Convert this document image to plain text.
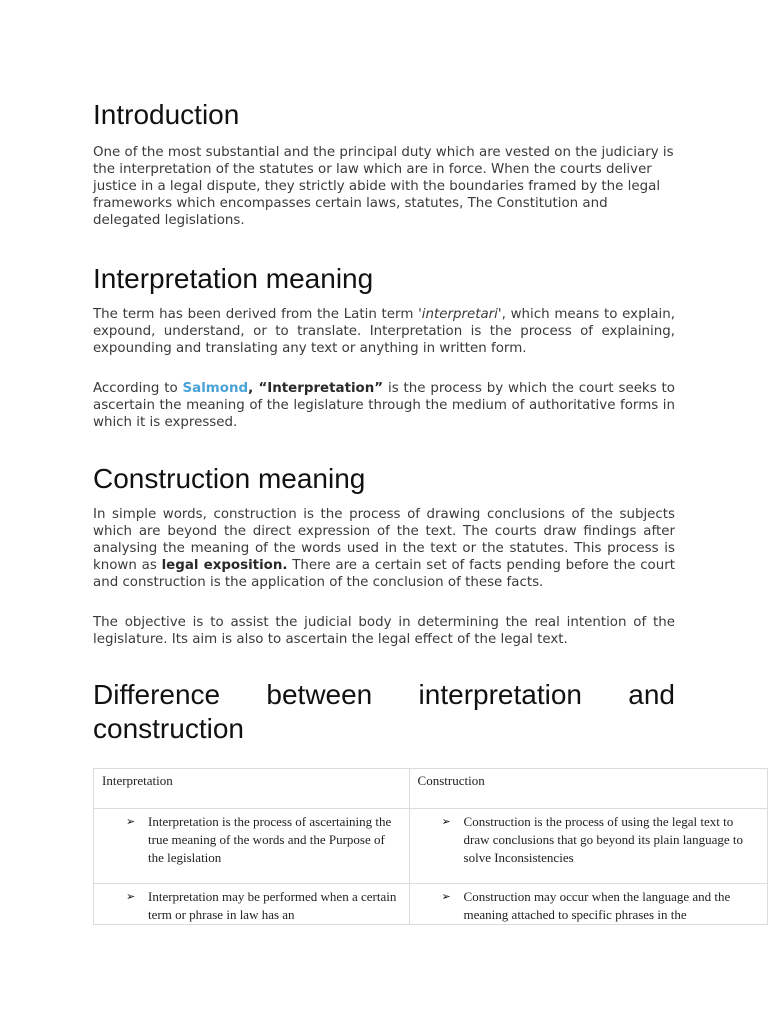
Introduction

One of the most substantial and the principal duty which are vested on the judiciary is the interpretation of the statutes or law which are in force. When the courts deliver justice in a legal dispute, they strictly abide with the boundaries framed by the legal frameworks which encompasses certain laws, statutes, The Constitution and delegated legislations.

Interpretation meaning

The term has been derived from the Latin term 'interpretari', which means to explain, expound, understand, or to translate. Interpretation is the process of explaining, expounding and translating any text or anything in written form.

According to Salmond, “Interpretation” is the process by which the court seeks to ascertain the meaning of the legislature through the medium of authoritative forms in which it is expressed.

Construction meaning

In simple words, construction is the process of drawing conclusions of the subjects which are beyond the direct expression of the text. The courts draw findings after analysing the meaning of the words used in the text or the statutes. This process is known as legal exposition. There are a certain set of facts pending before the court and construction is the application of the conclusion of these facts.

The objective is to assist the judicial body in determining the real intention of the legislature. Its aim is also to ascertain the legal effect of the legal text.

Difference between interpretation and construction
Interpretation	Construction

➢ Interpretation is the process of ascertaining the true meaning of the words and the Purpose of the legislation	➢ Construction is the process of using the legal text to draw conclusions that go beyond its plain language to solve Inconsistencies

➢ Interpretation may be performed when a certain term or phrase in law has an	➢ Construction may occur when the language and the meaning attached to specific phrases in the
